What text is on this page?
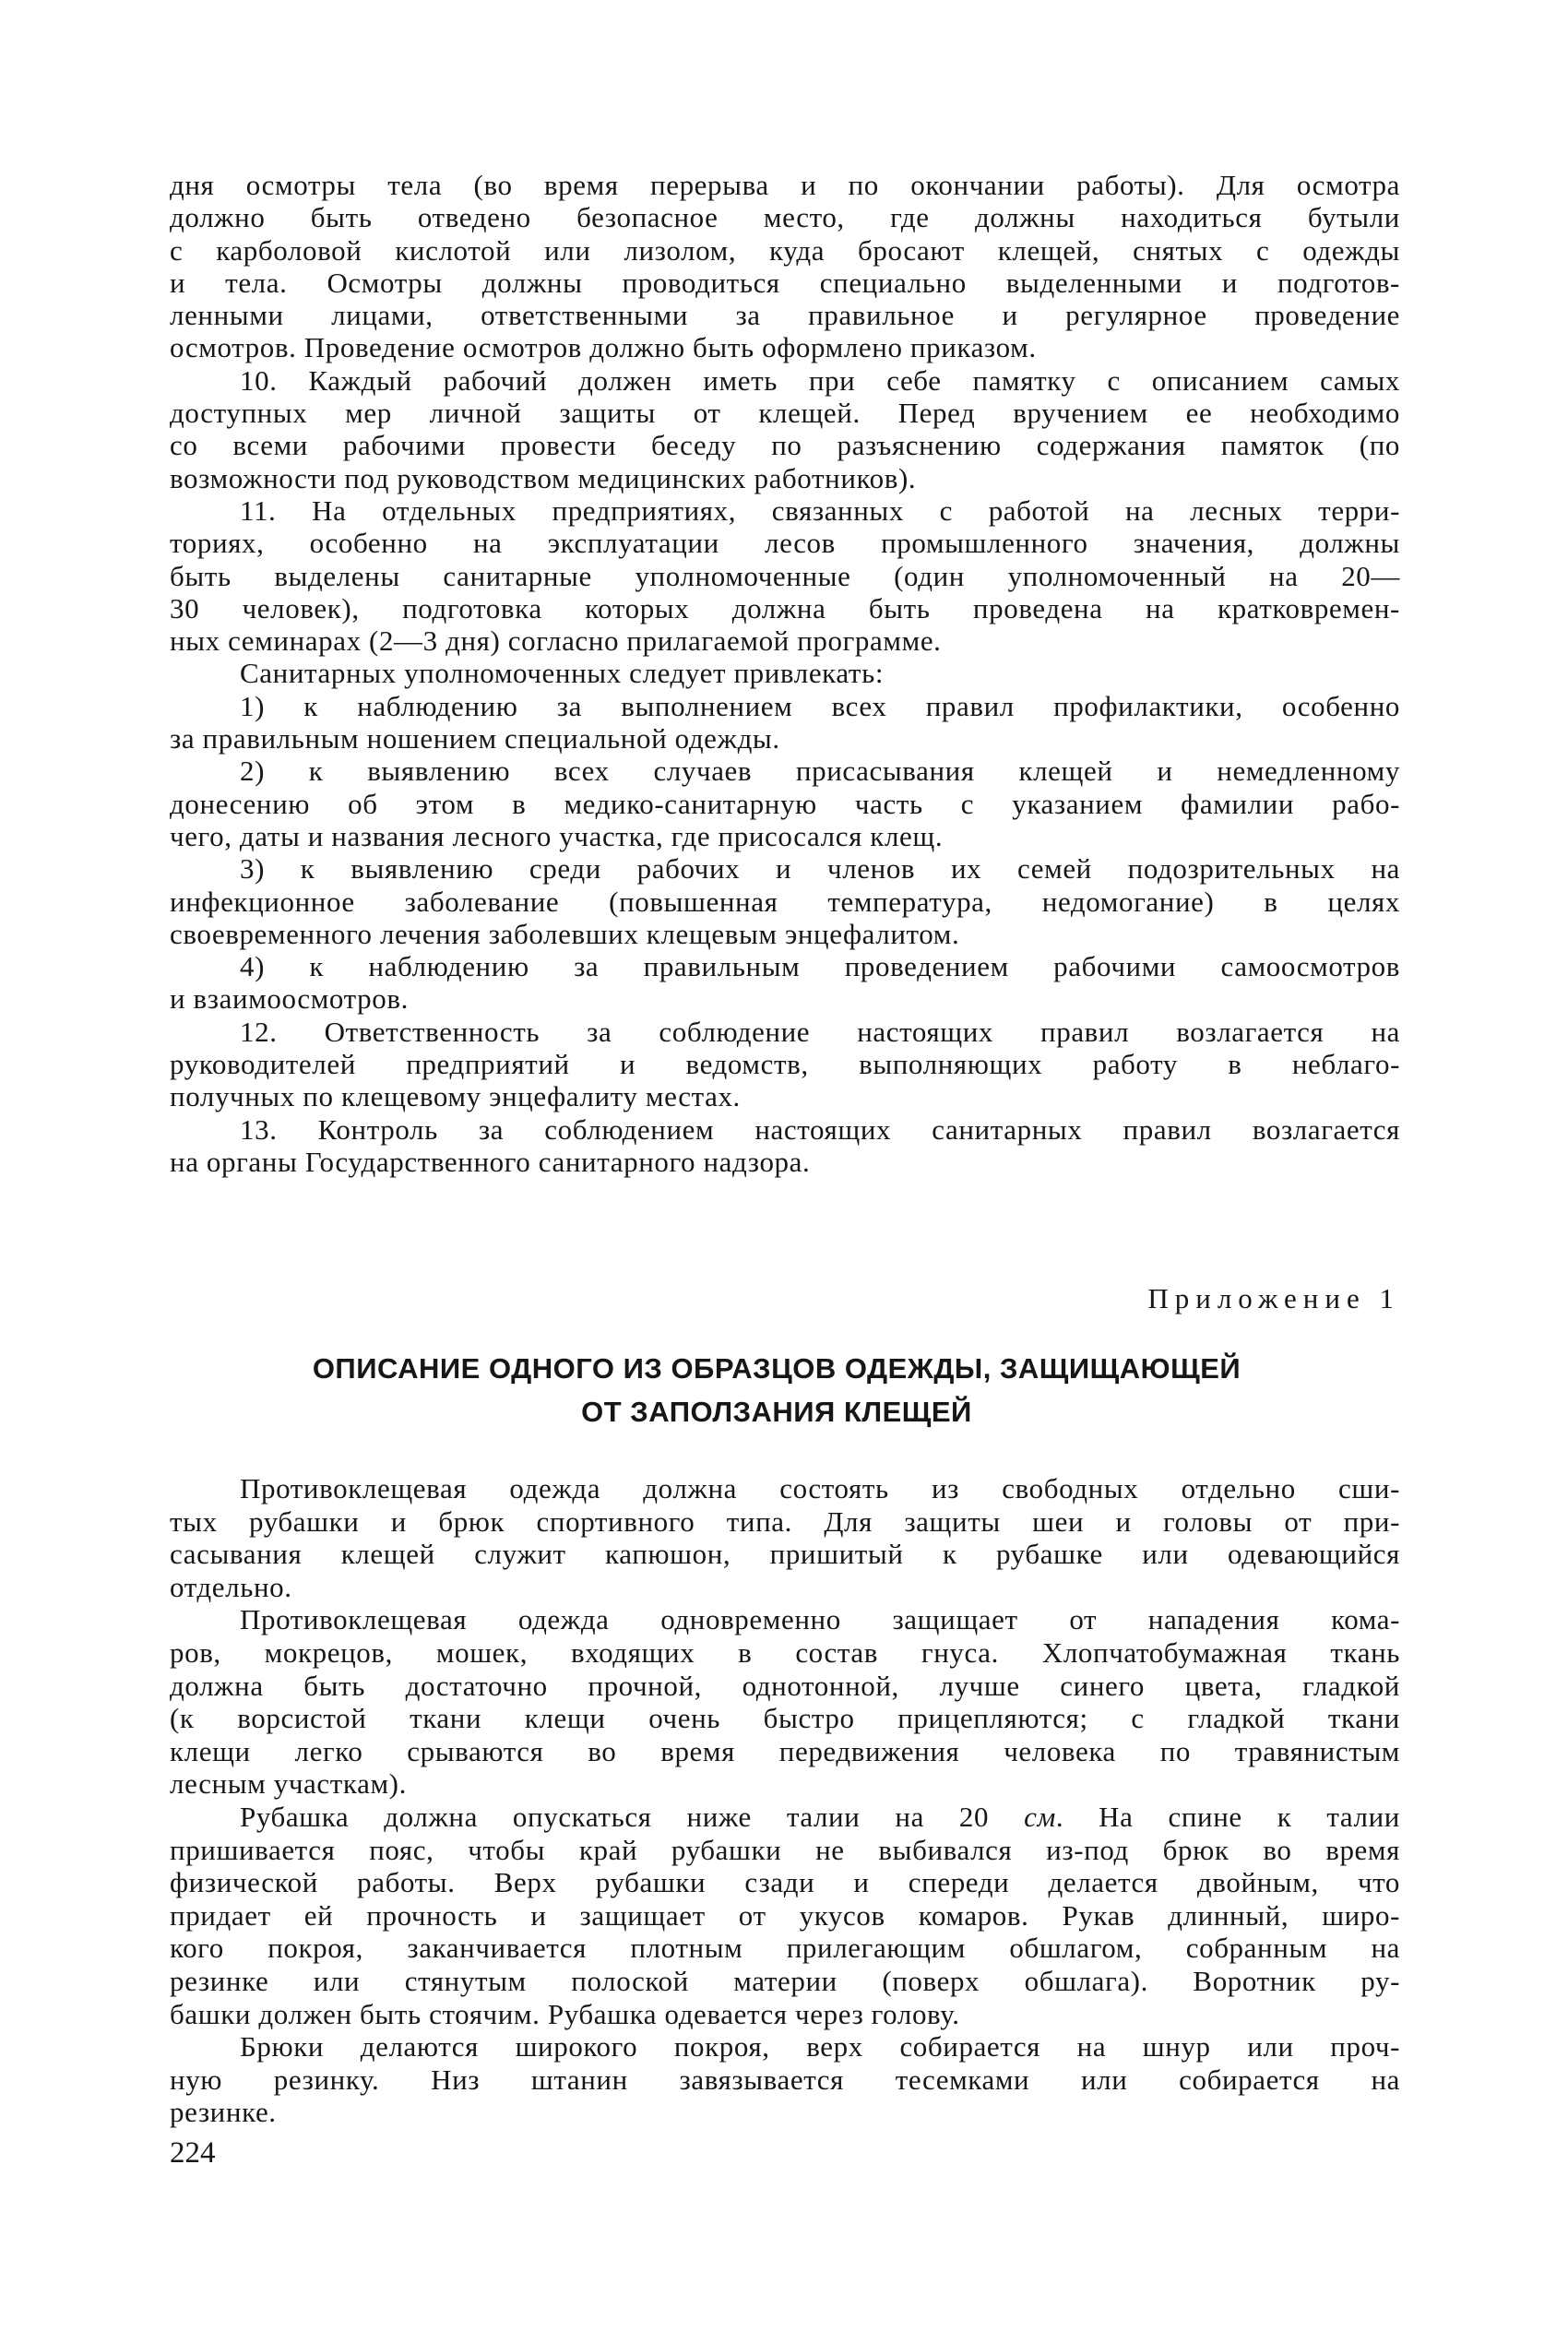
дня осмотры тела (во время перерыва и по окончании работы). Для осмотра
должно быть отведено безопасное место, где должны находиться бутыли
с карболовой кислотой или лизолом, куда бросают клещей, снятых с одежды
и тела. Осмотры должны проводиться специально выделенными и подготов-
ленными лицами, ответственными за правильное и регулярное проведение
осмотров. Проведение осмотров должно быть оформлено приказом.
10. Каждый рабочий должен иметь при себе памятку с описанием самых
доступных мер личной защиты от клещей. Перед вручением ее необходимо
со всеми рабочими провести беседу по разъяснению содержания памяток (по
возможности под руководством медицинских работников).
11. На отдельных предприятиях, связанных с работой на лесных терри-
ториях, особенно на эксплуатации лесов промышленного значения, должны
быть выделены санитарные уполномоченные (один уполномоченный на 20—
30 человек), подготовка которых должна быть проведена на кратковремен-
ных семинарах (2—3 дня) согласно прилагаемой программе.
Санитарных уполномоченных следует привлекать:
1) к наблюдению за выполнением всех правил профилактики, особенно
за правильным ношением специальной одежды.
2) к выявлению всех случаев присасывания клещей и немедленному
донесению об этом в медико-санитарную часть с указанием фамилии рабо-
чего, даты и названия лесного участка, где присосался клещ.
3) к выявлению среди рабочих и членов их семей подозрительных на
инфекционное заболевание (повышенная температура, недомогание) в целях
своевременного лечения заболевших клещевым энцефалитом.
4) к наблюдению за правильным проведением рабочими самоосмотров
и взаимоосмотров.
12. Ответственность за соблюдение настоящих правил возлагается на
руководителей предприятий и ведомств, выполняющих работу в неблаго-
получных по клещевому энцефалиту местах.
13. Контроль за соблюдением настоящих санитарных правил возлагается
на органы Государственного санитарного надзора.
Приложение 1
ОПИСАНИЕ ОДНОГО ИЗ ОБРАЗЦОВ ОДЕЖДЫ, ЗАЩИЩАЮЩЕЙ
ОТ ЗАПОЛЗАНИЯ КЛЕЩЕЙ
Противоклещевая одежда должна состоять из свободных отдельно сши-
тых рубашки и брюк спортивного типа. Для защиты шеи и головы от при-
сасывания клещей служит капюшон, пришитый к рубашке или одевающийся
отдельно.
Противоклещевая одежда одновременно защищает от нападения кома-
ров, мокрецов, мошек, входящих в состав гнуса. Хлопчатобумажная ткань
должна быть достаточно прочной, однотонной, лучше синего цвета, гладкой
(к ворсистой ткани клещи очень быстро прицепляются; с гладкой ткани
клещи легко срываются во время передвижения человека по травянистым
лесным участкам).
Рубашка должна опускаться ниже талии на 20 см. На спине к талии
пришивается пояс, чтобы край рубашки не выбивался из-под брюк во время
физической работы. Верх рубашки сзади и спереди делается двойным, что
придает ей прочность и защищает от укусов комаров. Рукав длинный, широ-
кого покроя, заканчивается плотным прилегающим обшлагом, собранным на
резинке или стянутым полоской материи (поверх обшлага). Воротник ру-
башки должен быть стоячим. Рубашка одевается через голову.
Брюки делаются широкого покроя, верх собирается на шнур или проч-
ную резинку. Низ штанин завязывается тесемками или собирается на
резинке.
224
